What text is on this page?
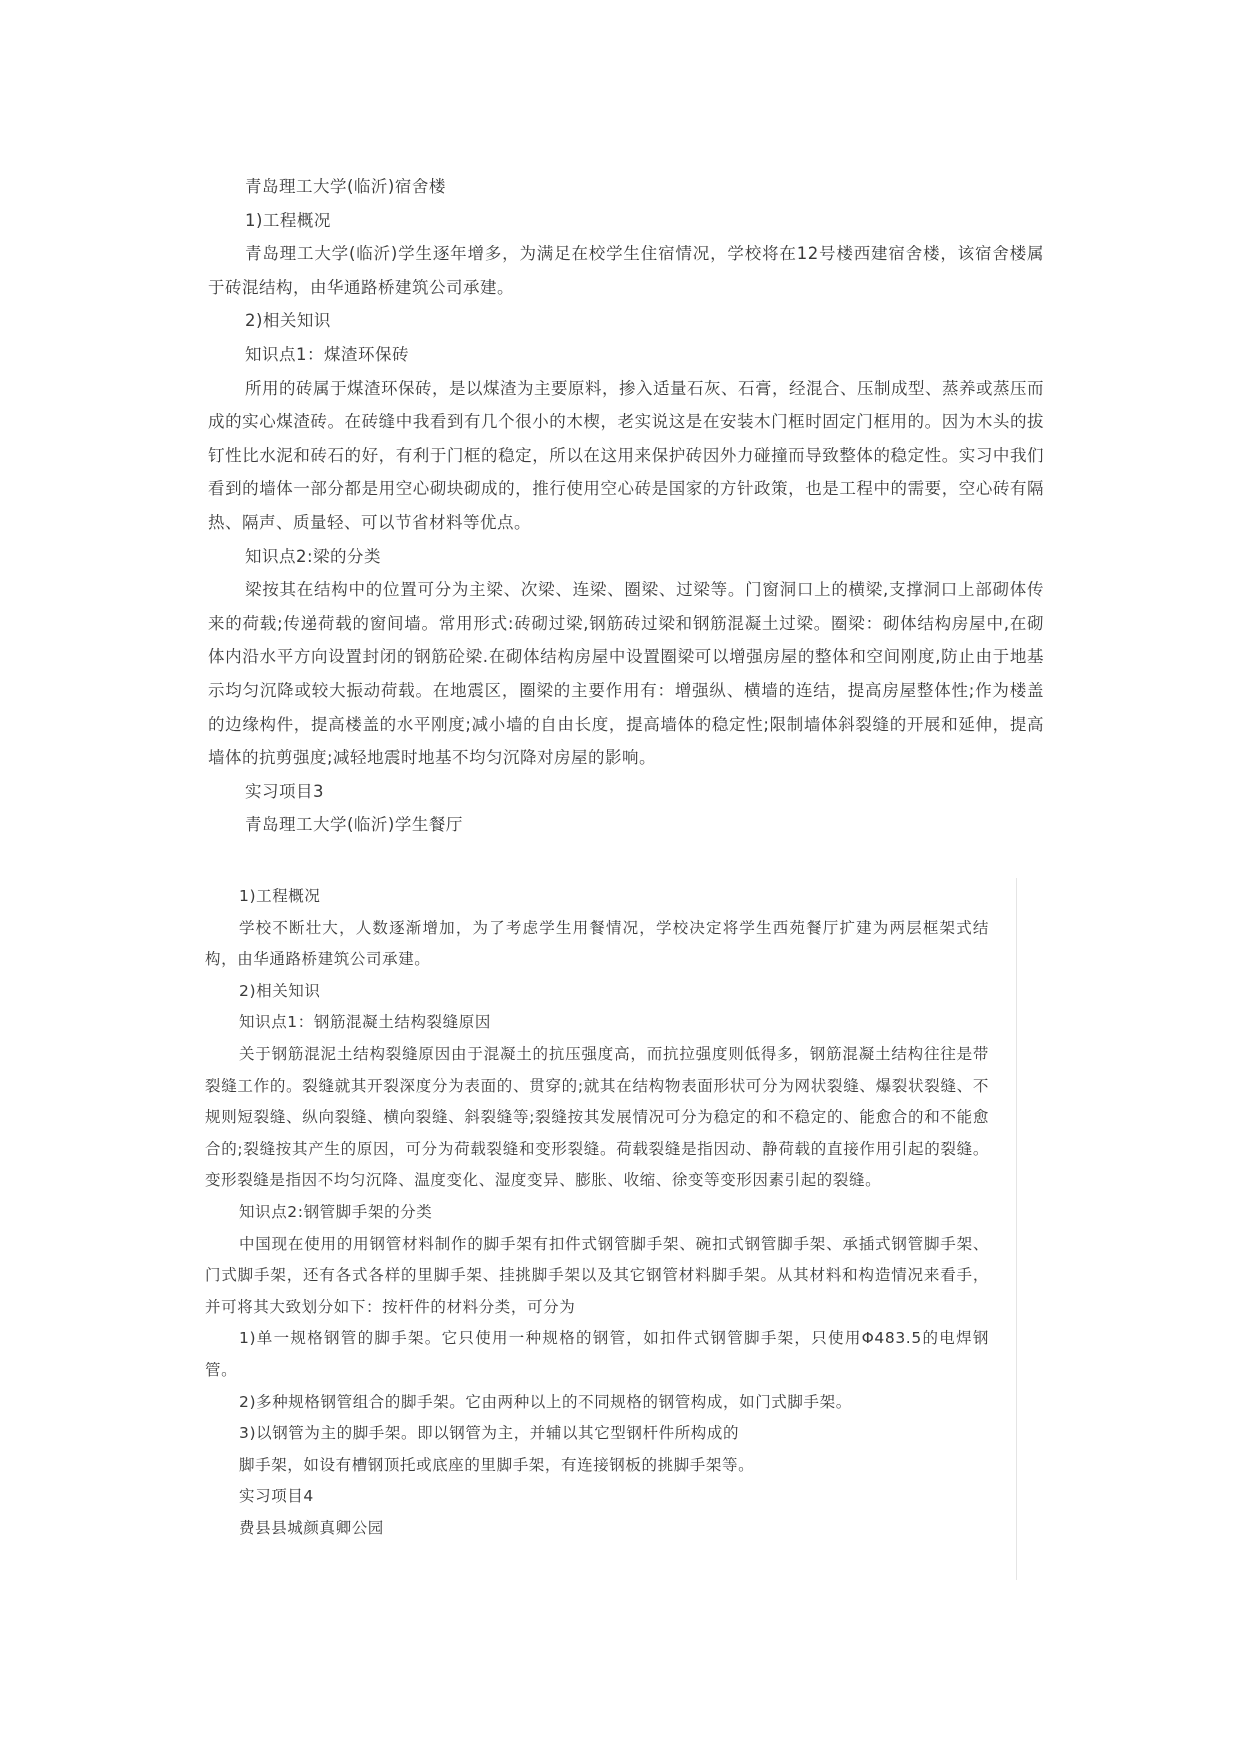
青岛理工大学(临沂)宿舍楼

1)工程概况

青岛理工大学(临沂)学生逐年增多，为满足在校学生住宿情况，学校将在12号楼西建宿舍楼，该宿舍楼属于砖混结构，由华通路桥建筑公司承建。

2)相关知识

知识点1：煤渣环保砖

所用的砖属于煤渣环保砖，是以煤渣为主要原料，掺入适量石灰、石膏，经混合、压制成型、蒸养或蒸压而成的实心煤渣砖。在砖缝中我看到有几个很小的木楔，老实说这是在安装木门框时固定门框用的。因为木头的拔钉性比水泥和砖石的好，有利于门框的稳定，所以在这用来保护砖因外力碰撞而导致整体的稳定性。实习中我们看到的墙体一部分都是用空心砌块砌成的，推行使用空心砖是国家的方针政策，也是工程中的需要，空心砖有隔热、隔声、质量轻、可以节省材料等优点。

知识点2:梁的分类

梁按其在结构中的位置可分为主梁、次梁、连梁、圈梁、过梁等。门窗洞口上的横梁,支撑洞口上部砌体传来的荷载;传递荷载的窗间墙。常用形式:砖砌过梁,钢筋砖过梁和钢筋混凝土过梁。圈梁：砌体结构房屋中,在砌体内沿水平方向设置封闭的钢筋砼梁.在砌体结构房屋中设置圈梁可以增强房屋的整体和空间刚度,防止由于地基示均匀沉降或较大振动荷载。在地震区，圈梁的主要作用有：增强纵、横墙的连结，提高房屋整体性;作为楼盖的边缘构件，提高楼盖的水平刚度;减小墙的自由长度，提高墙体的稳定性;限制墙体斜裂缝的开展和延伸，提高墙体的抗剪强度;减轻地震时地基不均匀沉降对房屋的影响。

实习项目3

青岛理工大学(临沂)学生餐厅

1)工程概况

学校不断壮大，人数逐渐增加，为了考虑学生用餐情况，学校决定将学生西苑餐厅扩建为两层框架式结构，由华通路桥建筑公司承建。

2)相关知识

知识点1：钢筋混凝土结构裂缝原因

关于钢筋混泥土结构裂缝原因由于混凝土的抗压强度高，而抗拉强度则低得多，钢筋混凝土结构往往是带裂缝工作的。裂缝就其开裂深度分为表面的、贯穿的;就其在结构物表面形状可分为网状裂缝、爆裂状裂缝、不规则短裂缝、纵向裂缝、横向裂缝、斜裂缝等;裂缝按其发展情况可分为稳定的和不稳定的、能愈合的和不能愈合的;裂缝按其产生的原因，可分为荷载裂缝和变形裂缝。荷载裂缝是指因动、静荷载的直接作用引起的裂缝。变形裂缝是指因不均匀沉降、温度变化、湿度变异、膨胀、收缩、徐变等变形因素引起的裂缝。

知识点2:钢管脚手架的分类

中国现在使用的用钢管材料制作的脚手架有扣件式钢管脚手架、碗扣式钢管脚手架、承插式钢管脚手架、门式脚手架，还有各式各样的里脚手架、挂挑脚手架以及其它钢管材料脚手架。从其材料和构造情况来看手，并可将其大致划分如下：按杆件的材料分类，可分为

1)单一规格钢管的脚手架。它只使用一种规格的钢管，如扣件式钢管脚手架，只使用Φ483.5的电焊钢管。

2)多种规格钢管组合的脚手架。它由两种以上的不同规格的钢管构成，如门式脚手架。

3)以钢管为主的脚手架。即以钢管为主，并辅以其它型钢杆件所构成的

脚手架，如设有槽钢顶托或底座的里脚手架，有连接钢板的挑脚手架等。

实习项目4

费县县城颜真卿公园
